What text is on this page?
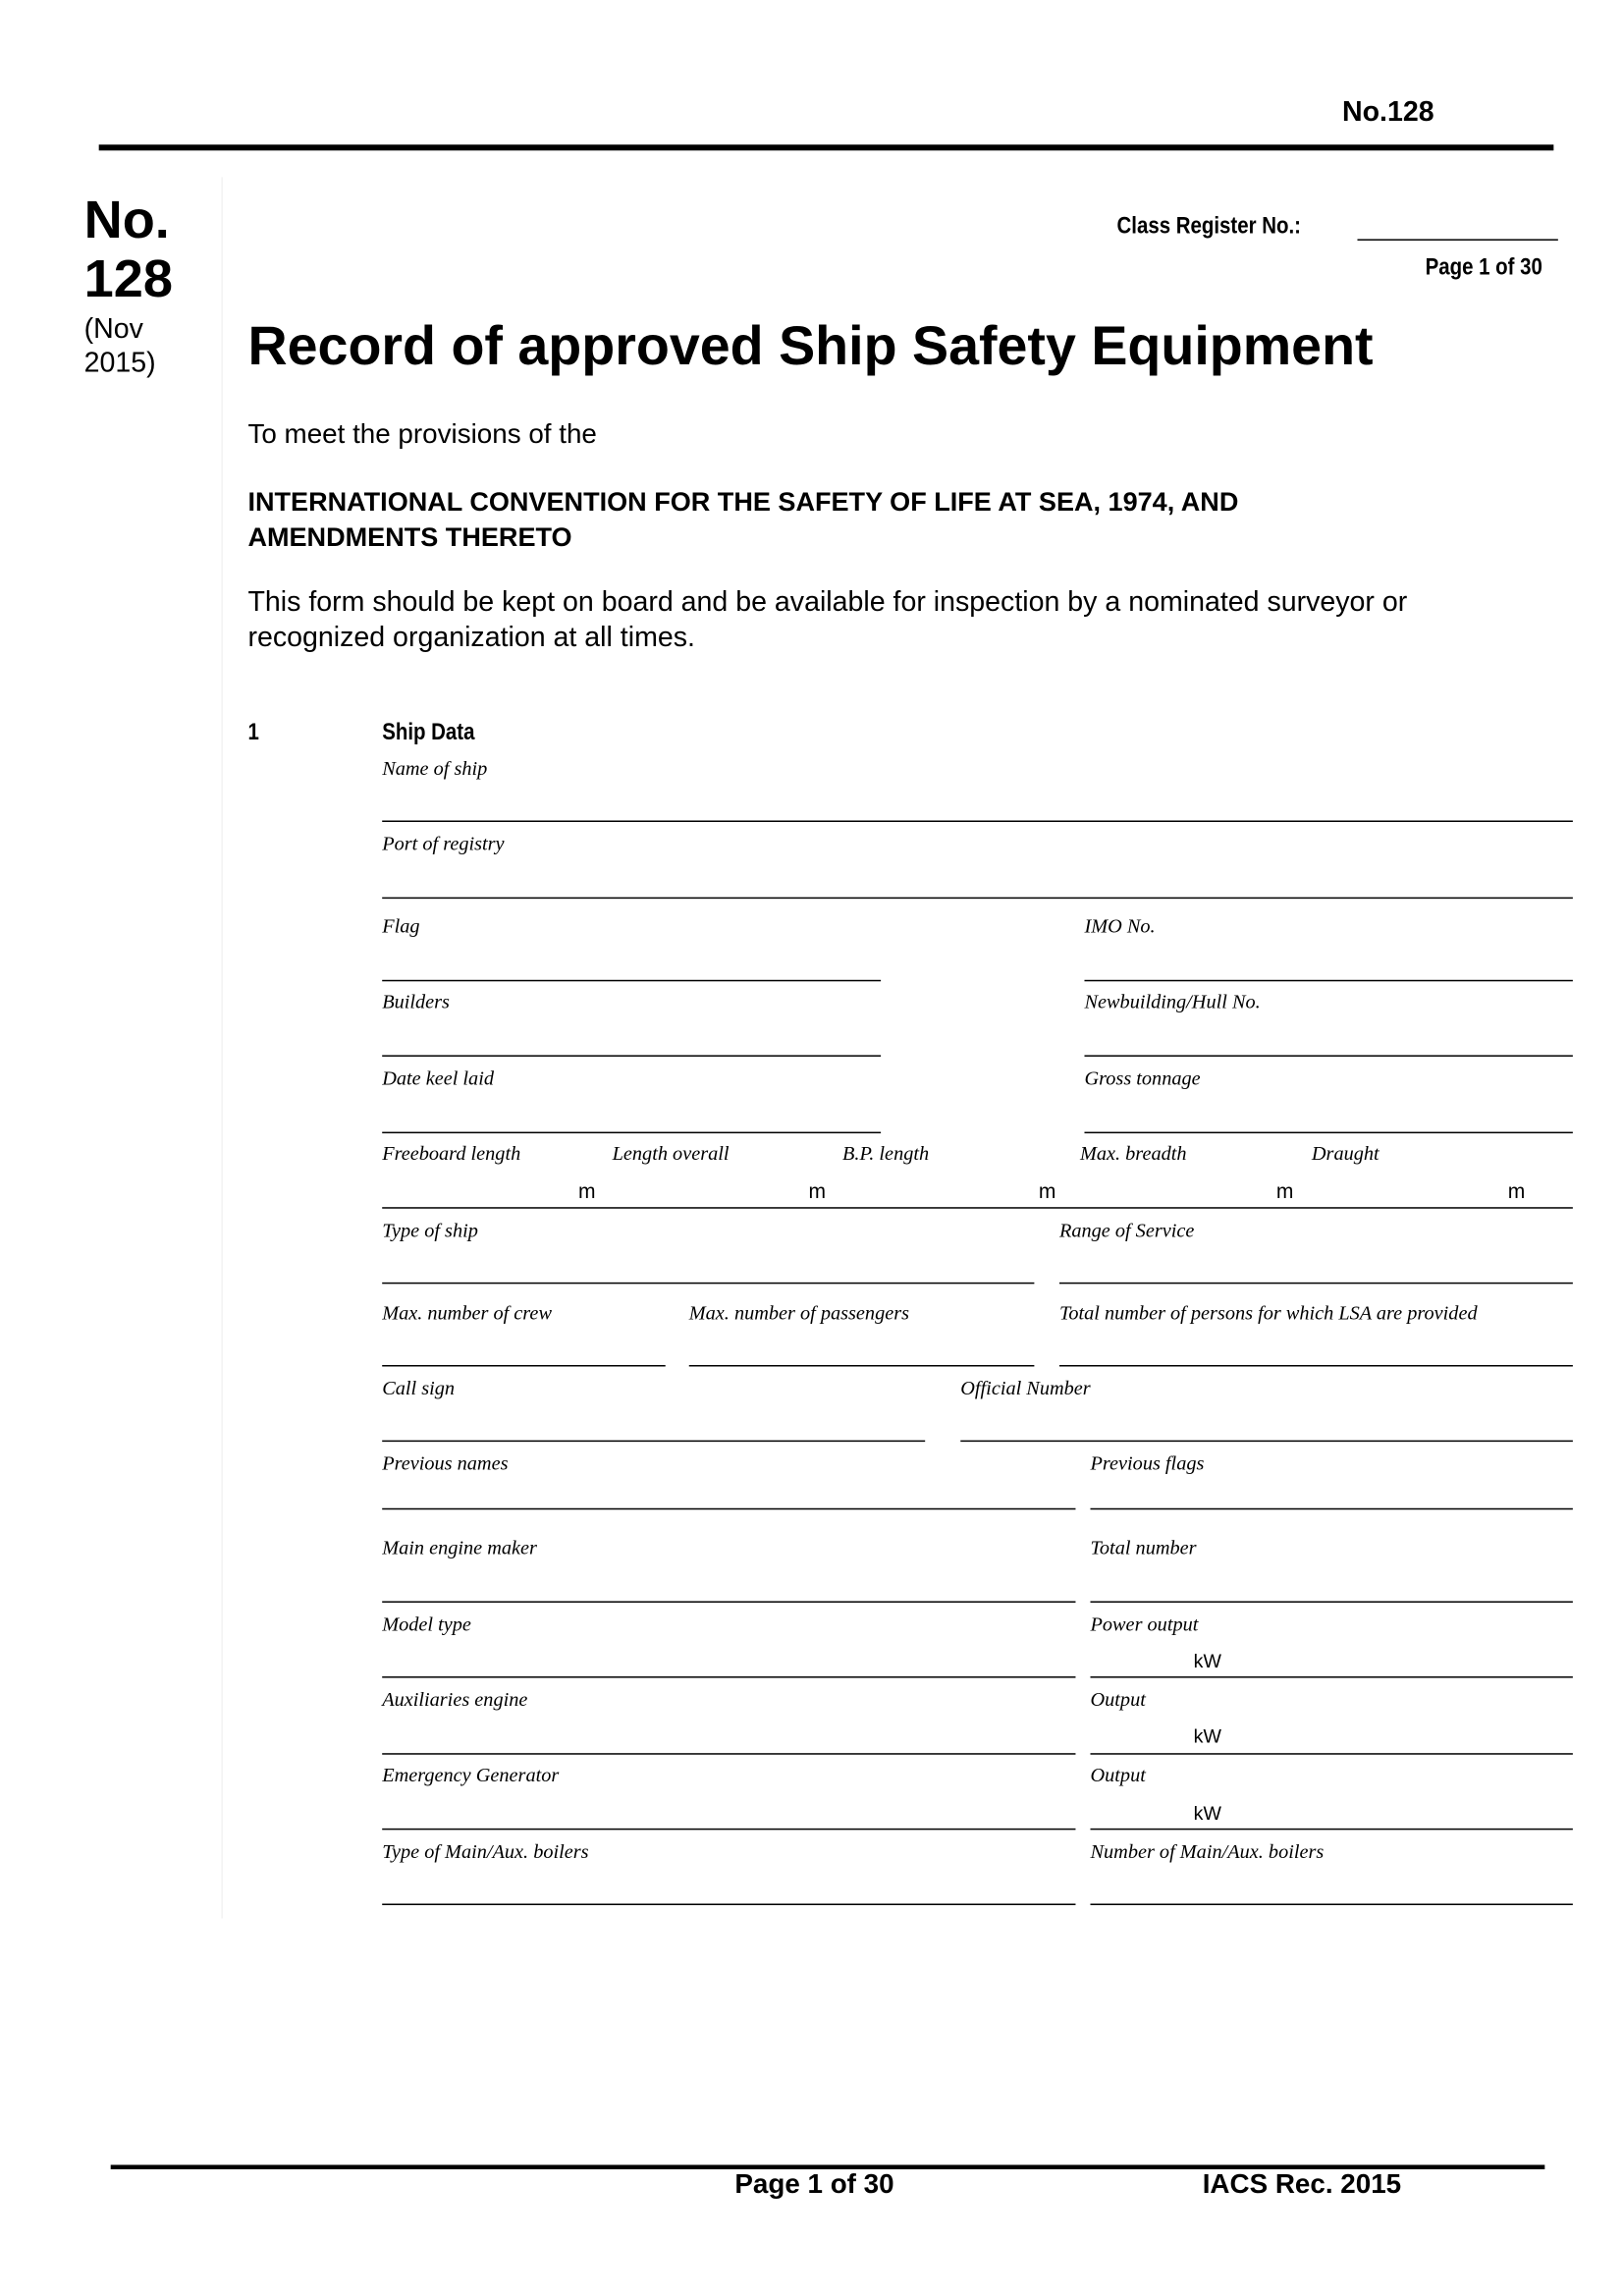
No.128
No.
128
(Nov
2015)
Class Register No.:
Page 1 of 30
Record of approved Ship Safety Equipment
To meet the provisions of the
INTERNATIONAL CONVENTION FOR THE SAFETY OF LIFE AT SEA, 1974, AND
AMENDMENTS THERETO
This form should be kept on board and be available for inspection by a nominated surveyor or
recognized organization at all times.
1	Ship Data
Name of ship
Port of registry
Flag	IMO No.
Builders	Newbuilding/Hull No.
Date keel laid	Gross tonnage
Freeboard length	Length overall	B.P. length	Max. breadth	Draught
m	m	m	m	m
Type of ship	Range of Service
Max. number of crew	Max. number of passengers	Total number of persons for which LSA are provided
Call sign	Official Number
Previous names	Previous flags
Main engine maker	Total number
Model type	Power output
kW
Auxiliaries engine	Output
kW
Emergency Generator	Output
kW
Type of Main/Aux. boilers	Number of Main/Aux. boilers
Page 1 of 30	IACS Rec. 2015
